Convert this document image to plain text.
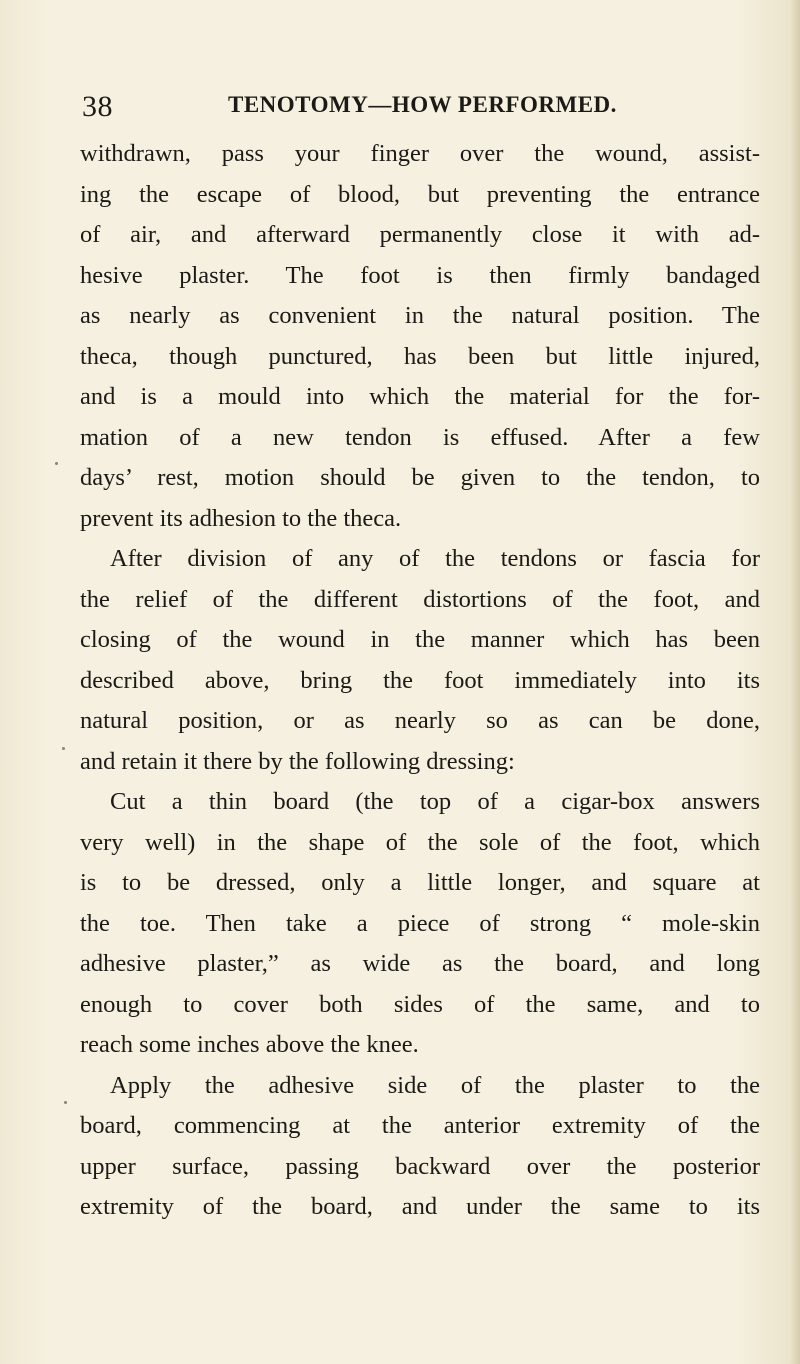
38	TENOTOMY—HOW PERFORMED.
withdrawn, pass your finger over the wound, assist-
ing the escape of blood, but preventing the entrance
of air, and afterward permanently close it with ad-
hesive plaster. The foot is then firmly bandaged
as nearly as convenient in the natural position. The
theca, though punctured, has been but little injured,
and is a mould into which the material for the for-
mation of a new tendon is effused. After a few
days’ rest, motion should be given to the tendon, to
prevent its adhesion to the theca.
After division of any of the tendons or fascia for
the relief of the different distortions of the foot, and
closing of the wound in the manner which has been
described above, bring the foot immediately into its
natural position, or as nearly so as can be done,
and retain it there by the following dressing:
Cut a thin board (the top of a cigar-box answers
very well) in the shape of the sole of the foot, which
is to be dressed, only a little longer, and square at
the toe. Then take a piece of strong “ mole-skin
adhesive plaster,” as wide as the board, and long
enough to cover both sides of the same, and to
reach some inches above the knee.
Apply the adhesive side of the plaster to the
board, commencing at the anterior extremity of the
upper surface, passing backward over the posterior
extremity of the board, and under the same to its
